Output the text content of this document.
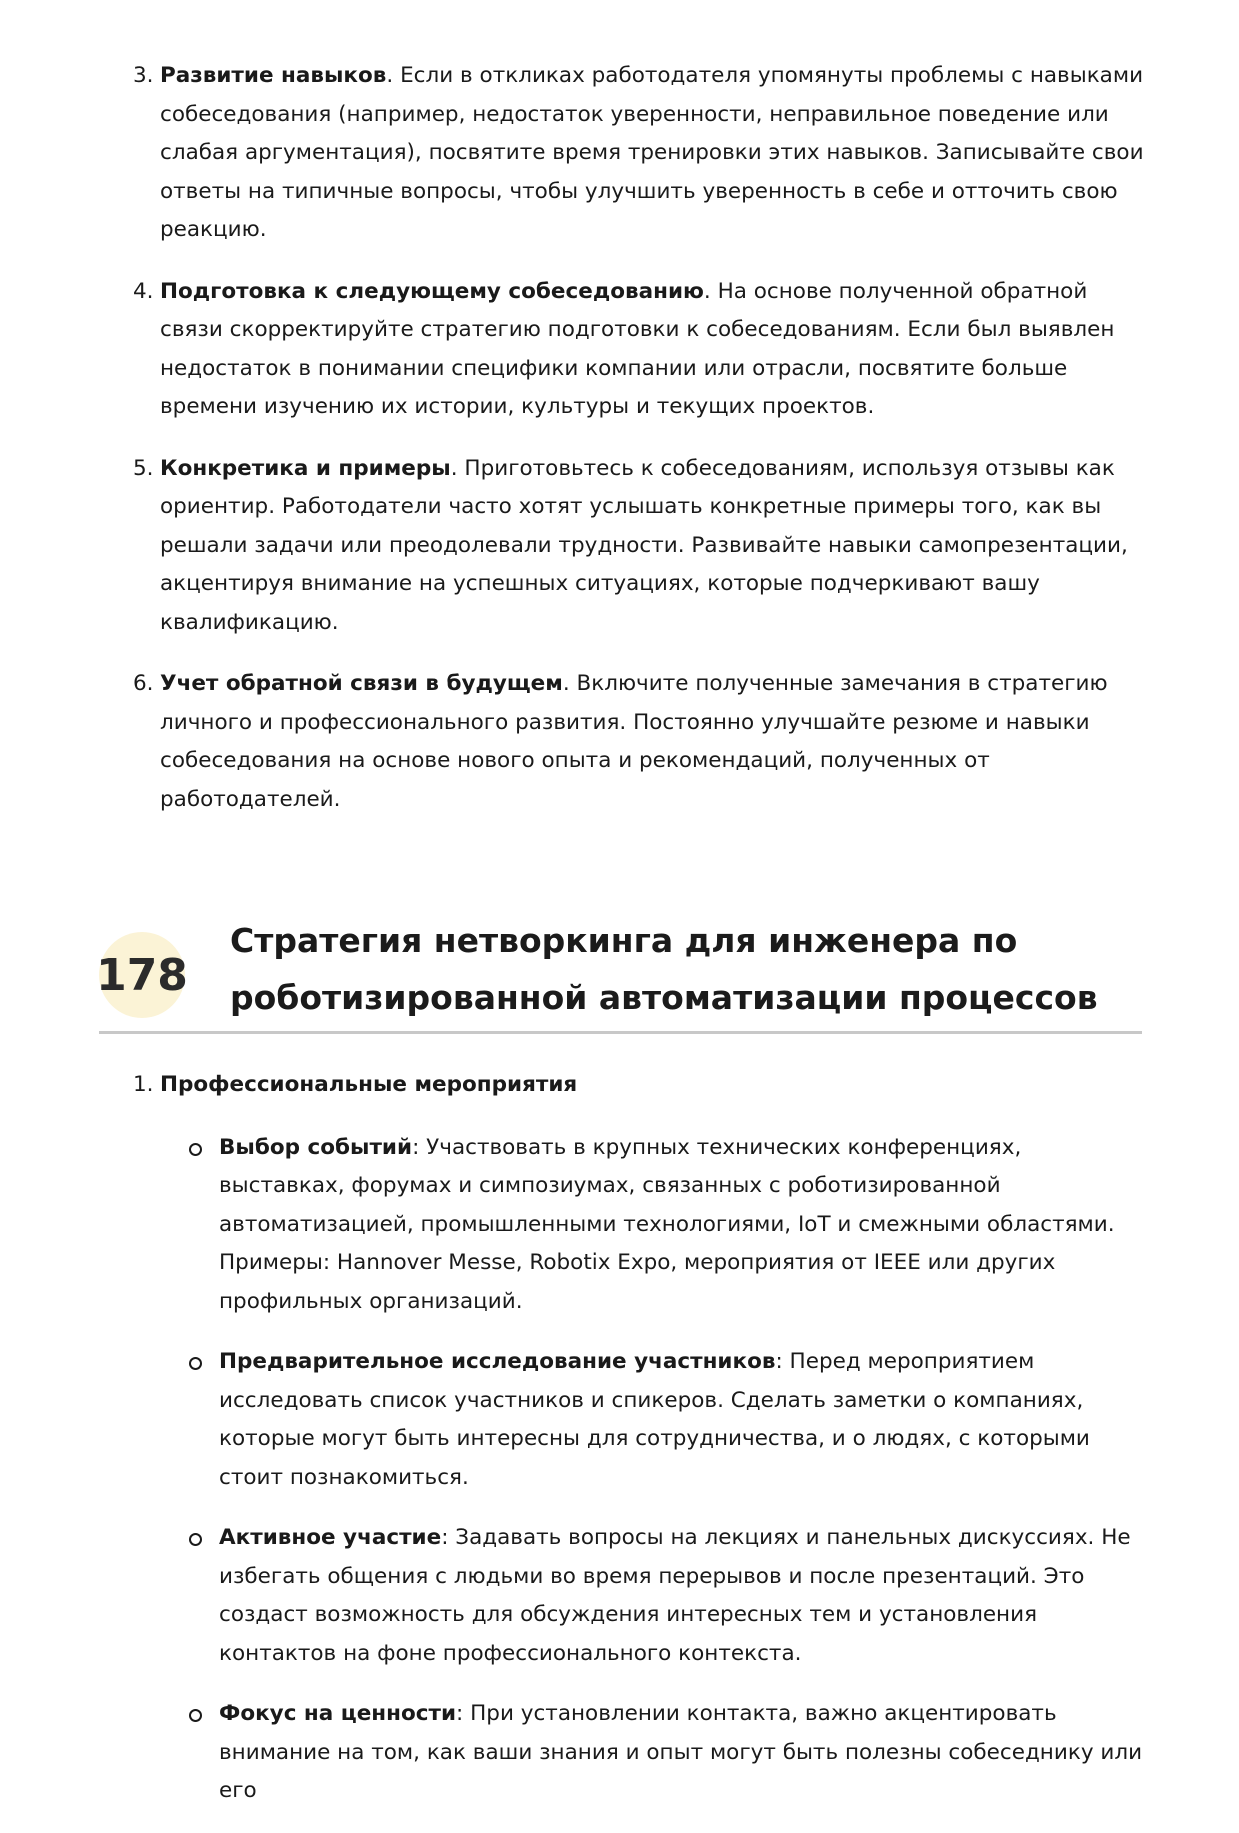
3. Развитие навыков. Если в откликах работодателя упомянуты проблемы с навыками собеседования (например, недостаток уверенности, неправильное поведение или слабая аргументация), посвятите время тренировки этих навыков. Записывайте свои ответы на типичные вопросы, чтобы улучшить уверенность в себе и отточить свою реакцию.
4. Подготовка к следующему собеседованию. На основе полученной обратной связи скорректируйте стратегию подготовки к собеседованиям. Если был выявлен недостаток в понимании специфики компании или отрасли, посвятите больше времени изучению их истории, культуры и текущих проектов.
5. Конкретика и примеры. Приготовьтесь к собеседованиям, используя отзывы как ориентир. Работодатели часто хотят услышать конкретные примеры того, как вы решали задачи или преодолевали трудности. Развивайте навыки самопрезентации, акцентируя внимание на успешных ситуациях, которые подчеркивают вашу квалификацию.
6. Учет обратной связи в будущем. Включите полученные замечания в стратегию личного и профессионального развития. Постоянно улучшайте резюме и навыки собеседования на основе нового опыта и рекомендаций, полученных от работодателей.
178
Стратегия нетворкинга для инженера по
роботизированной автоматизации процессов
1. Профессиональные мероприятия

Выбор событий: Участвовать в крупных технических конференциях, выставках, форумах и симпозиумах, связанных с роботизированной автоматизацией, промышленными технологиями, IoT и смежными областями. Примеры: Hannover Messe, Robotix Expo, мероприятия от IEEE или других профильных организаций.
Предварительное исследование участников: Перед мероприятием исследовать список участников и спикеров. Сделать заметки о компаниях, которые могут быть интересны для сотрудничества, и о людях, с которыми стоит познакомиться.
Активное участие: Задавать вопросы на лекциях и панельных дискуссиях. Не избегать общения с людьми во время перерывов и после презентаций. Это создаст возможность для обсуждения интересных тем и установления контактов на фоне профессионального контекста.
Фокус на ценности: При установлении контакта, важно акцентировать внимание на том, как ваши знания и опыт могут быть полезны собеседнику или его
